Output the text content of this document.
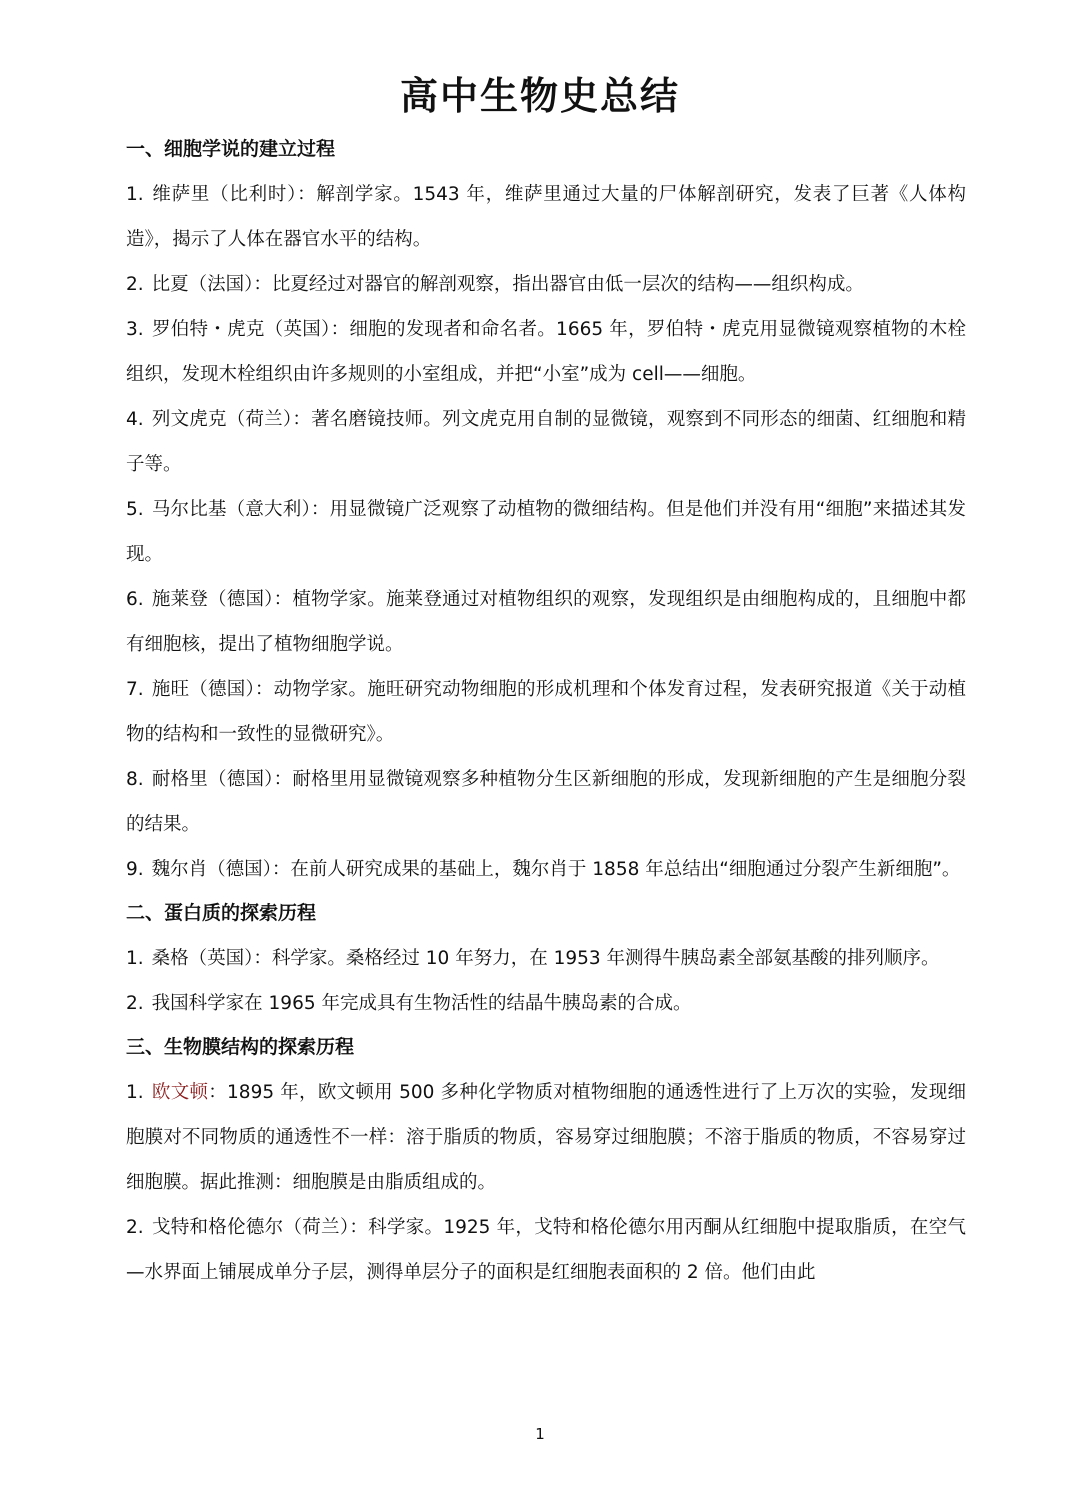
高中生物史总结
一、细胞学说的建立过程

1. 维萨里（比利时）：解剖学家。1543 年，维萨里通过大量的尸体解剖研究，发表了巨著《人体构造》，揭示了人体在器官水平的结构。

2. 比夏（法国）：比夏经过对器官的解剖观察，指出器官由低一层次的结构——组织构成。

3. 罗伯特・虎克（英国）：细胞的发现者和命名者。1665 年，罗伯特・虎克用显微镜观察植物的木栓组织，发现木栓组织由许多规则的小室组成，并把“小室”成为 cell——细胞。

4. 列文虎克（荷兰）：著名磨镜技师。列文虎克用自制的显微镜，观察到不同形态的细菌、红细胞和精子等。

5. 马尔比基（意大利）：用显微镜广泛观察了动植物的微细结构。但是他们并没有用“细胞”来描述其发现。

6. 施莱登（德国）：植物学家。施莱登通过对植物组织的观察，发现组织是由细胞构成的，且细胞中都有细胞核，提出了植物细胞学说。

7. 施旺（德国）：动物学家。施旺研究动物细胞的形成机理和个体发育过程，发表研究报道《关于动植物的结构和一致性的显微研究》。

8. 耐格里（德国）：耐格里用显微镜观察多种植物分生区新细胞的形成，发现新细胞的产生是细胞分裂的结果。

9. 魏尔肖（德国）：在前人研究成果的基础上，魏尔肖于 1858 年总结出“细胞通过分裂产生新细胞”。

二、蛋白质的探索历程

1. 桑格（英国）：科学家。桑格经过 10 年努力，在 1953 年测得牛胰岛素全部氨基酸的排列顺序。

2. 我国科学家在 1965 年完成具有生物活性的结晶牛胰岛素的合成。

三、生物膜结构的探索历程

1. 欧文顿：1895 年，欧文顿用 500 多种化学物质对植物细胞的通透性进行了上万次的实验，发现细胞膜对不同物质的通透性不一样：溶于脂质的物质，容易穿过细胞膜；不溶于脂质的物质，不容易穿过细胞膜。据此推测：细胞膜是由脂质组成的。

2. 戈特和格伦德尔（荷兰）：科学家。1925 年，戈特和格伦德尔用丙酮从红细胞中提取脂质，在空气—水界面上铺展成单分子层，测得单层分子的面积是红细胞表面积的 2 倍。他们由此

1
